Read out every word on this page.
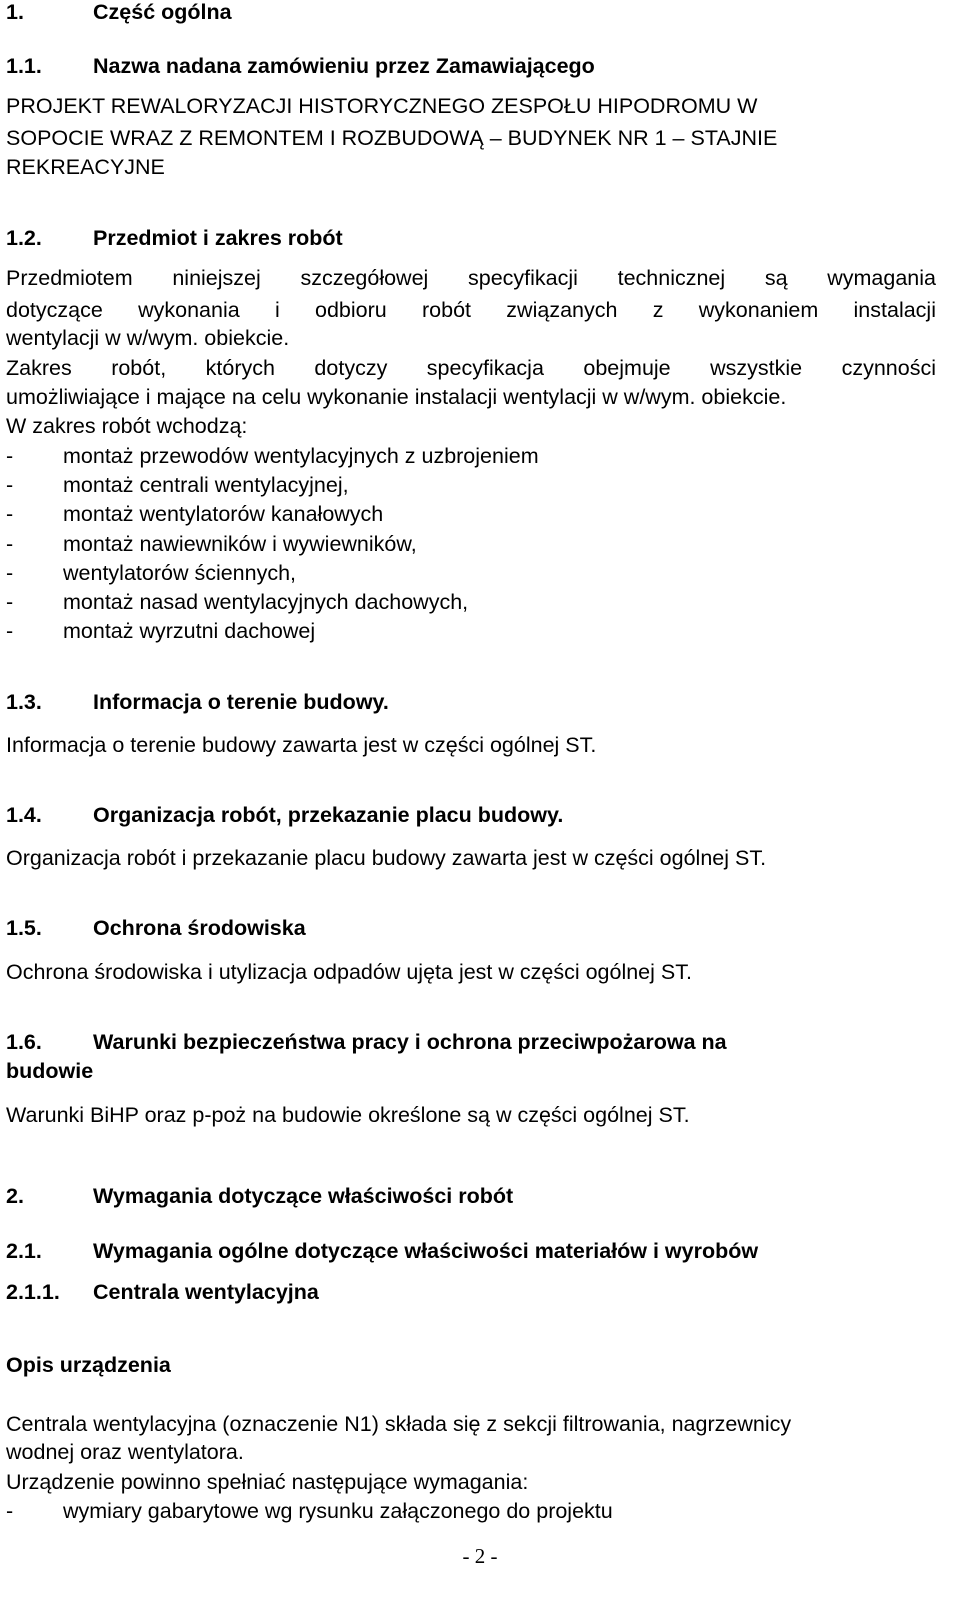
1.	Część ogólna
1.1. Nazwa nadana zamówieniu przez Zamawiającego
PROJEKT REWALORYZACJI HISTORYCZNEGO ZESPOŁU HIPODROMU W
SOPOCIE WRAZ Z REMONTEM I ROZBUDOWĄ – BUDYNEK NR 1 – STAJNIE
REKREACYJNE
1.2. Przedmiot i zakres robót
Przedmiotem niniejszej szczegółowej specyfikacji technicznej są wymagania
dotyczące wykonania i odbioru robót związanych z wykonaniem instalacji
wentylacji w w/wym. obiekcie.
Zakres robót, których dotyczy specyfikacja obejmuje wszystkie czynności
umożliwiające i mające na celu wykonanie instalacji wentylacji w w/wym. obiekcie.
W zakres robót wchodzą:
- montaż przewodów wentylacyjnych z uzbrojeniem
- montaż centrali wentylacyjnej,
- montaż wentylatorów kanałowych
- montaż nawiewników i wywiewników,
- wentylatorów ściennych,
- montaż nasad wentylacyjnych dachowych,
- montaż wyrzutni dachowej
1.3. Informacja o terenie budowy.
Informacja o terenie budowy zawarta jest w części ogólnej ST.
1.4. Organizacja robót, przekazanie placu budowy.
Organizacja robót i przekazanie placu budowy zawarta jest w części ogólnej ST.
1.5. Ochrona środowiska
Ochrona środowiska i utylizacja odpadów ujęta jest w części ogólnej ST.
1.6. Warunki bezpieczeństwa pracy i ochrona przeciwpożarowa na
budowie
Warunki BiHP oraz p-poż na budowie określone są w części ogólnej ST.
2.	Wymagania dotyczące właściwości robót
2.1. Wymagania ogólne dotyczące właściwości materiałów i wyrobów
2.1.1. Centrala wentylacyjna
Opis urządzenia
Centrala wentylacyjna (oznaczenie N1) składa się z sekcji filtrowania, nagrzewnicy
wodnej oraz wentylatora.
Urządzenie powinno spełniać następujące wymagania:
- wymiary gabarytowe wg rysunku załączonego do projektu
- 2 -
